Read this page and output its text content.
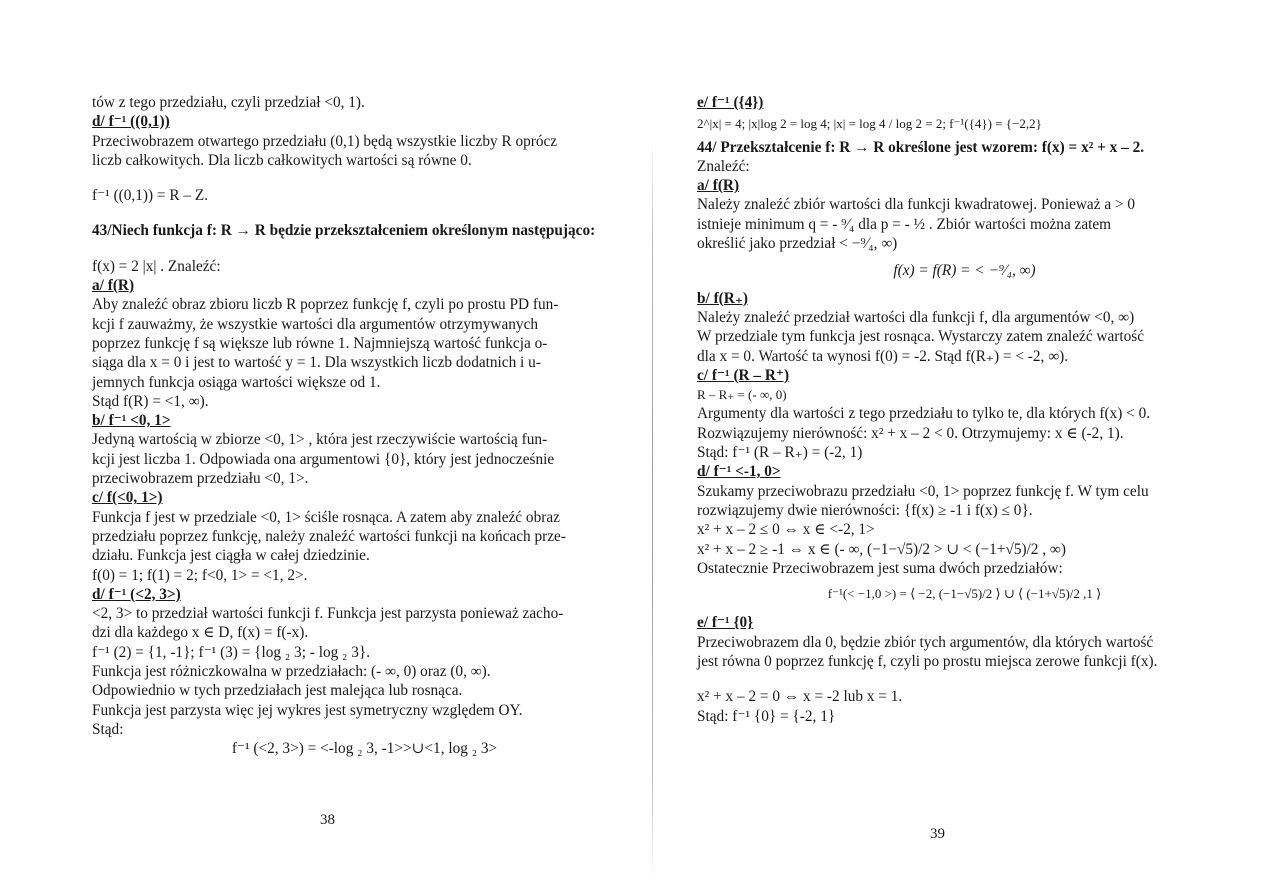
tów z tego przedziału, czyli przedział <0, 1).
d/ f⁻¹ ((0,1))
Przeciwobrazem otwartego przedziału (0,1) będą wszystkie liczby R oprócz
liczb całkowitych. Dla liczb całkowitych wartości są równe 0.
f⁻¹ ((0,1)) = R – Z.
43/Niech funkcja f: R → R będzie przekształceniem określonym następująco:
f(x) = 2 |x| . Znaleźć:
a/ f(R)
Aby znaleźć obraz zbioru liczb R poprzez funkcję f, czyli po prostu PD fun-
kcji f zauważmy, że wszystkie wartości dla argumentów otrzymywanych
poprzez funkcję f są większe lub równe 1. Najmniejszą wartość funkcja o-
siąga dla x = 0 i jest to wartość y = 1. Dla wszystkich liczb dodatnich i u-
jemnych funkcja osiąga wartości większe od 1.
Stąd f(R) = <1, ∞).
b/ f⁻¹ <0, 1>
Jedyną wartością w zbiorze <0, 1> , która jest rzeczywiście wartością fun-
kcji jest liczba 1. Odpowiada ona argumentowi {0}, który jest jednocześnie
przeciwobrazem przedziału <0, 1>.
c/ f(<0, 1>)
Funkcja f jest w przedziale <0, 1> ściśle rosnąca. A zatem aby znaleźć obraz
przedziału poprzez funkcję, należy znaleźć wartości funkcji na końcach prze-
działu. Funkcja jest ciągła w całej dziedzinie.
f(0) = 1; f(1) = 2; f<0, 1> = <1, 2>.
d/ f⁻¹ (<2, 3>)
<2, 3> to przedział wartości funkcji f. Funkcja jest parzysta ponieważ zacho-
dzi dla każdego x ∈ D, f(x) = f(-x).
f⁻¹ (2) = {1, -1}; f⁻¹ (3) = {log ₂ 3; - log ₂ 3}.
Funkcja jest różniczkowalna w przedziałach: (- ∞, 0) oraz (0, ∞).
Odpowiednio w tych przedziałach jest malejąca lub rosnąca.
Funkcja jest parzysta więc jej wykres jest symetryczny względem OY.
Stąd:
f⁻¹ (<2, 3>) = <-log ₂ 3, -1>>∪<1, log ₂ 3>
38
e/ f⁻¹ ({4})
2^|x| = 4; |x|log 2 = log 4; |x| = log 4 / log 2 = 2; f⁻¹({4}) = {−2,2}
44/ Przekształcenie f: R → R określone jest wzorem: f(x) = x² + x – 2.
Znaleźć:
a/ f(R)
Należy znaleźć zbiór wartości dla funkcji kwadratowej. Ponieważ a > 0
istnieje minimum q = - ⁹⁄₄ dla p = - ½ . Zbiór wartości można zatem
określić jako przedział < −⁹⁄₄, ∞)
f(x) = f(R) = < −⁹⁄₄, ∞)
b/ f(R₊)
Należy znaleźć przedział wartości dla funkcji f, dla argumentów <0, ∞)
W przedziale tym funkcja jest rosnąca. Wystarczy zatem znaleźć wartość
dla x = 0. Wartość ta wynosi f(0) = -2. Stąd f(R₊) = < -2, ∞).
c/ f⁻¹ (R – R⁺)
R – R₊ = (- ∞, 0)
Argumenty dla wartości z tego przedziału to tylko te, dla których f(x) < 0.
Rozwiązujemy nierówność: x² + x – 2 < 0. Otrzymujemy: x ∈ (-2, 1).
Stąd: f⁻¹ (R – R₊) = (-2, 1)
d/ f⁻¹ <-1, 0>
Szukamy przeciwobrazu przedziału <0, 1> poprzez funkcję f. W tym celu
rozwiązujemy dwie nierówności: {f(x) ≥ -1 i f(x) ≤ 0}.
x² + x – 2 ≤ 0 ⇔ x ∈ <-2, 1>
x² + x – 2 ≥ -1 ⇔ x ∈ (- ∞, (−1−√5)/2 > ∪ < (−1+√5)/2 , ∞)
Ostatecznie Przeciwobrazem jest suma dwóch przedziałów:
f⁻¹(< −1,0 >) = ⟨ −2, (−1−√5)/2 ⟩ ∪ ⟨ (−1+√5)/2 ,1 ⟩
e/ f⁻¹ {0}
Przeciwobrazem dla 0, będzie zbiór tych argumentów, dla których wartość
jest równa 0 poprzez funkcję f, czyli po prostu miejsca zerowe funkcji f(x).
x² + x – 2 = 0 ⇔ x = -2 lub x = 1.
Stąd: f⁻¹ {0} = {-2, 1}
39
